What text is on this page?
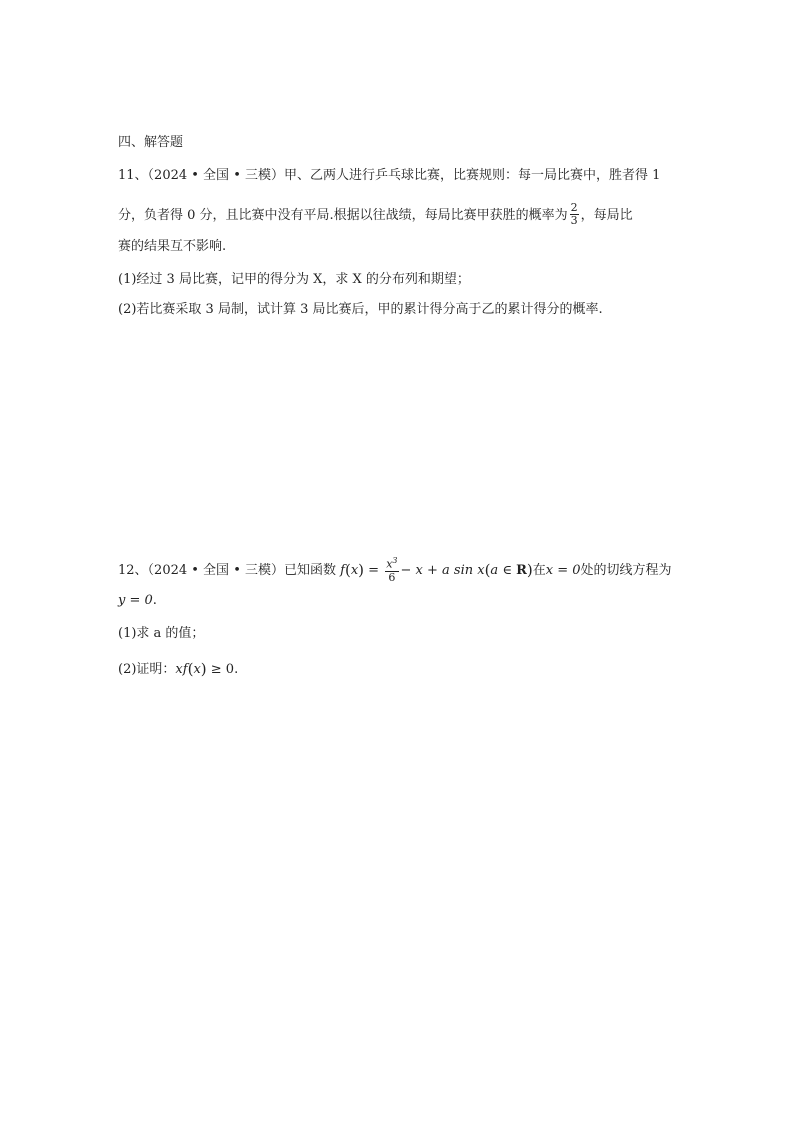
四、解答题
11、（2024 • 全国 • 三模）甲、乙两人进行乒乓球比赛，比赛规则：每一局比赛中，胜者得 1
分，负者得 0 分，且比赛中没有平局.根据以往战绩，每局比赛甲获胜的概率为 $\frac{2}{3}$ ，每局比
赛的结果互不影响.
(1)经过 3 局比赛，记甲的得分为 X，求 X 的分布列和期望；
(2)若比赛采取 3 局制，试计算 3 局比赛后，甲的累计得分高于乙的累计得分的概率.
12、（2024 • 全国 • 三模）已知函数 $f(x) = \frac{x^3}{6} - x + a$ sin x(a ∈ R)在x = 0处的切线方程为
y = 0.
(1)求 a 的值；
(2)证明：xf(x) ≥ 0.
